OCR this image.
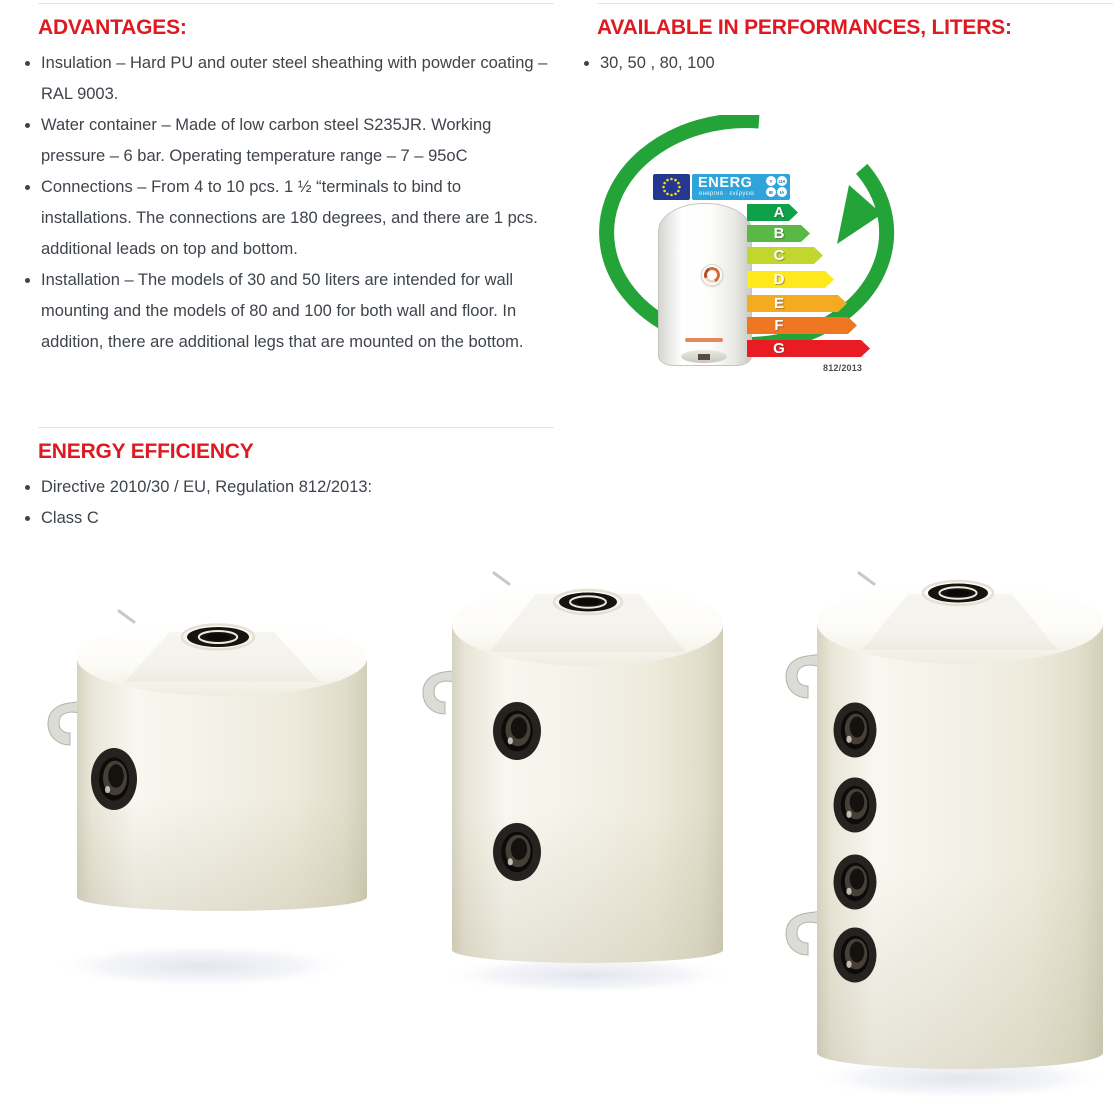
ADVANTAGES:
• Insulation – Hard PU and outer steel sheathing with powder coating – RAL 9003.
• Water container – Made of low carbon steel S235JR. Working pressure – 6 bar. Operating temperature range – 7 – 95oC
• Connections – From 4 to 10 pcs. 1 ½ “terminals to bind to installations. The connections are 180 degrees, and there are 1 pcs. additional leads on top and bottom.
• Installation – The models of 30 and 50 liters are intended for wall mounting and the models of 80 and 100 for both wall and floor. In addition, there are additional legs that are mounted on the bottom.
ENERGY EFFICIENCY
• Directive 2010/30 / EU, Regulation 812/2013:
• Class C
AVAILABLE IN PERFORMANCES, LITERS:
• 30, 50 , 80, 100
ENERG
енергия · ενέργεια
Y	IJA
IE	IA
A
B
C
D
E
F
G
812/2013
